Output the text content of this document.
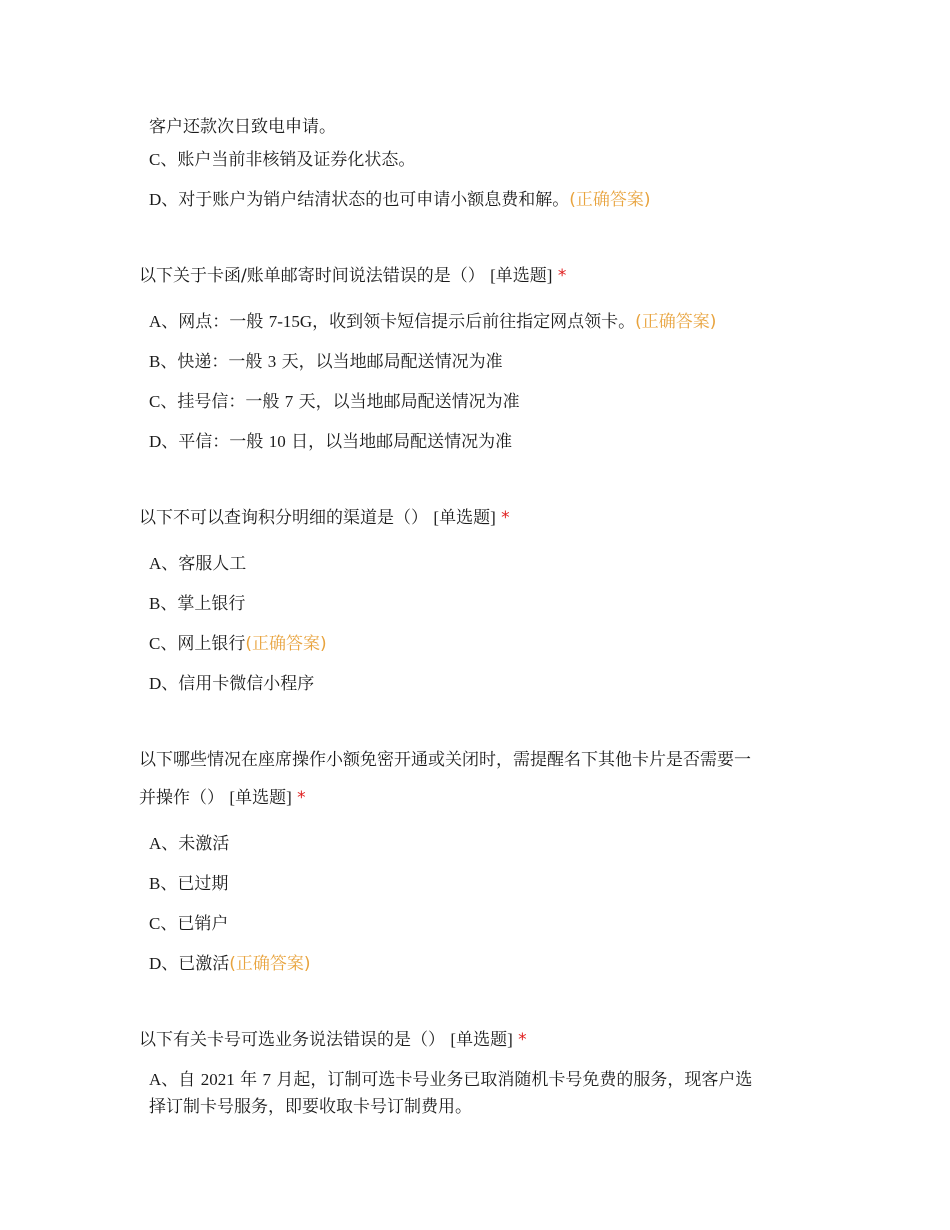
客户还款次日致电申请。
C、账户当前非核销及证券化状态。
D、对于账户为销户结清状态的也可申请小额息费和解。(正确答案)
以下关于卡函/账单邮寄时间说法错误的是（） [单选题] *
A、网点：一般 7-15G，收到领卡短信提示后前往指定网点领卡。(正确答案)
B、快递：一般 3 天，以当地邮局配送情况为准
C、挂号信：一般 7 天，以当地邮局配送情况为准
D、平信：一般 10 日，以当地邮局配送情况为准
以下不可以查询积分明细的渠道是（） [单选题] *
A、客服人工
B、掌上银行
C、网上银行(正确答案)
D、信用卡微信小程序
以下哪些情况在座席操作小额免密开通或关闭时，需提醒名下其他卡片是否需要一
并操作（） [单选题] *
A、未激活
B、已过期
C、已销户
D、已激活(正确答案)
以下有关卡号可选业务说法错误的是（） [单选题] *
A、自 2021 年 7 月起，订制可选卡号业务已取消随机卡号免费的服务，现客户选
择订制卡号服务，即要收取卡号订制费用。
